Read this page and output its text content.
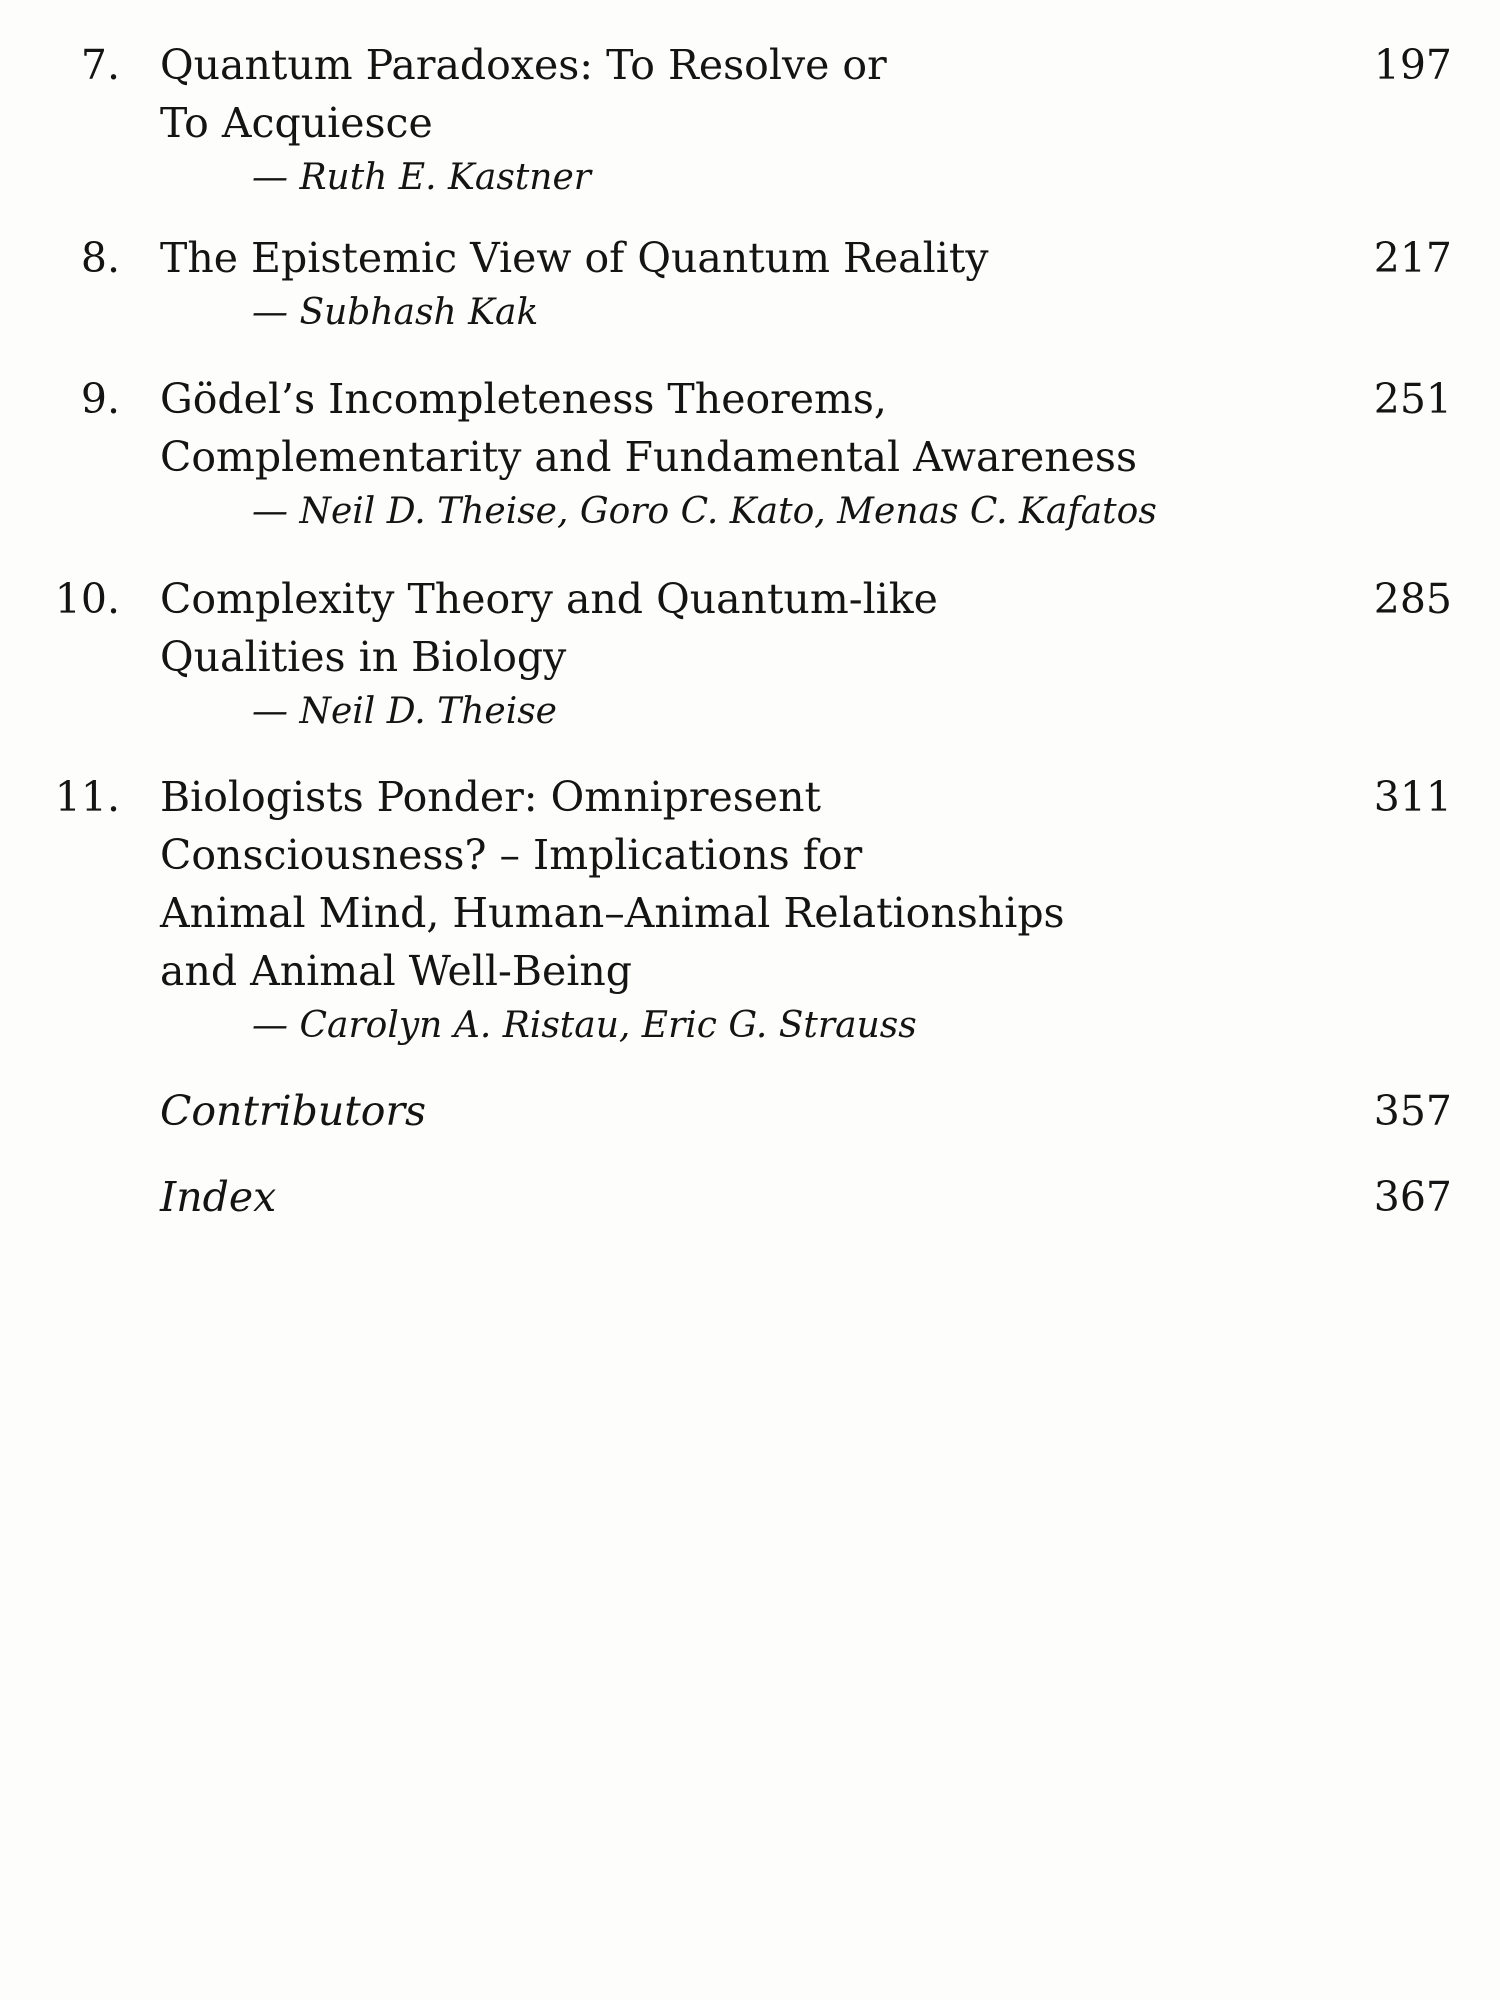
7. Quantum Paradoxes: To Resolve or
To Acquiesce
— Ruth E. Kastner
197
8. The Epistemic View of Quantum Reality
— Subhash Kak
217
9. Gödel’s Incompleteness Theorems,
Complementarity and Fundamental Awareness
— Neil D. Theise, Goro C. Kato, Menas C. Kafatos
251
10. Complexity Theory and Quantum-like
Qualities in Biology
— Neil D. Theise
285
11. Biologists Ponder: Omnipresent
Consciousness? – Implications for
Animal Mind, Human–Animal Relationships
and Animal Well-Being
— Carolyn A. Ristau, Eric G. Strauss
311
Contributors	357
Index	367
